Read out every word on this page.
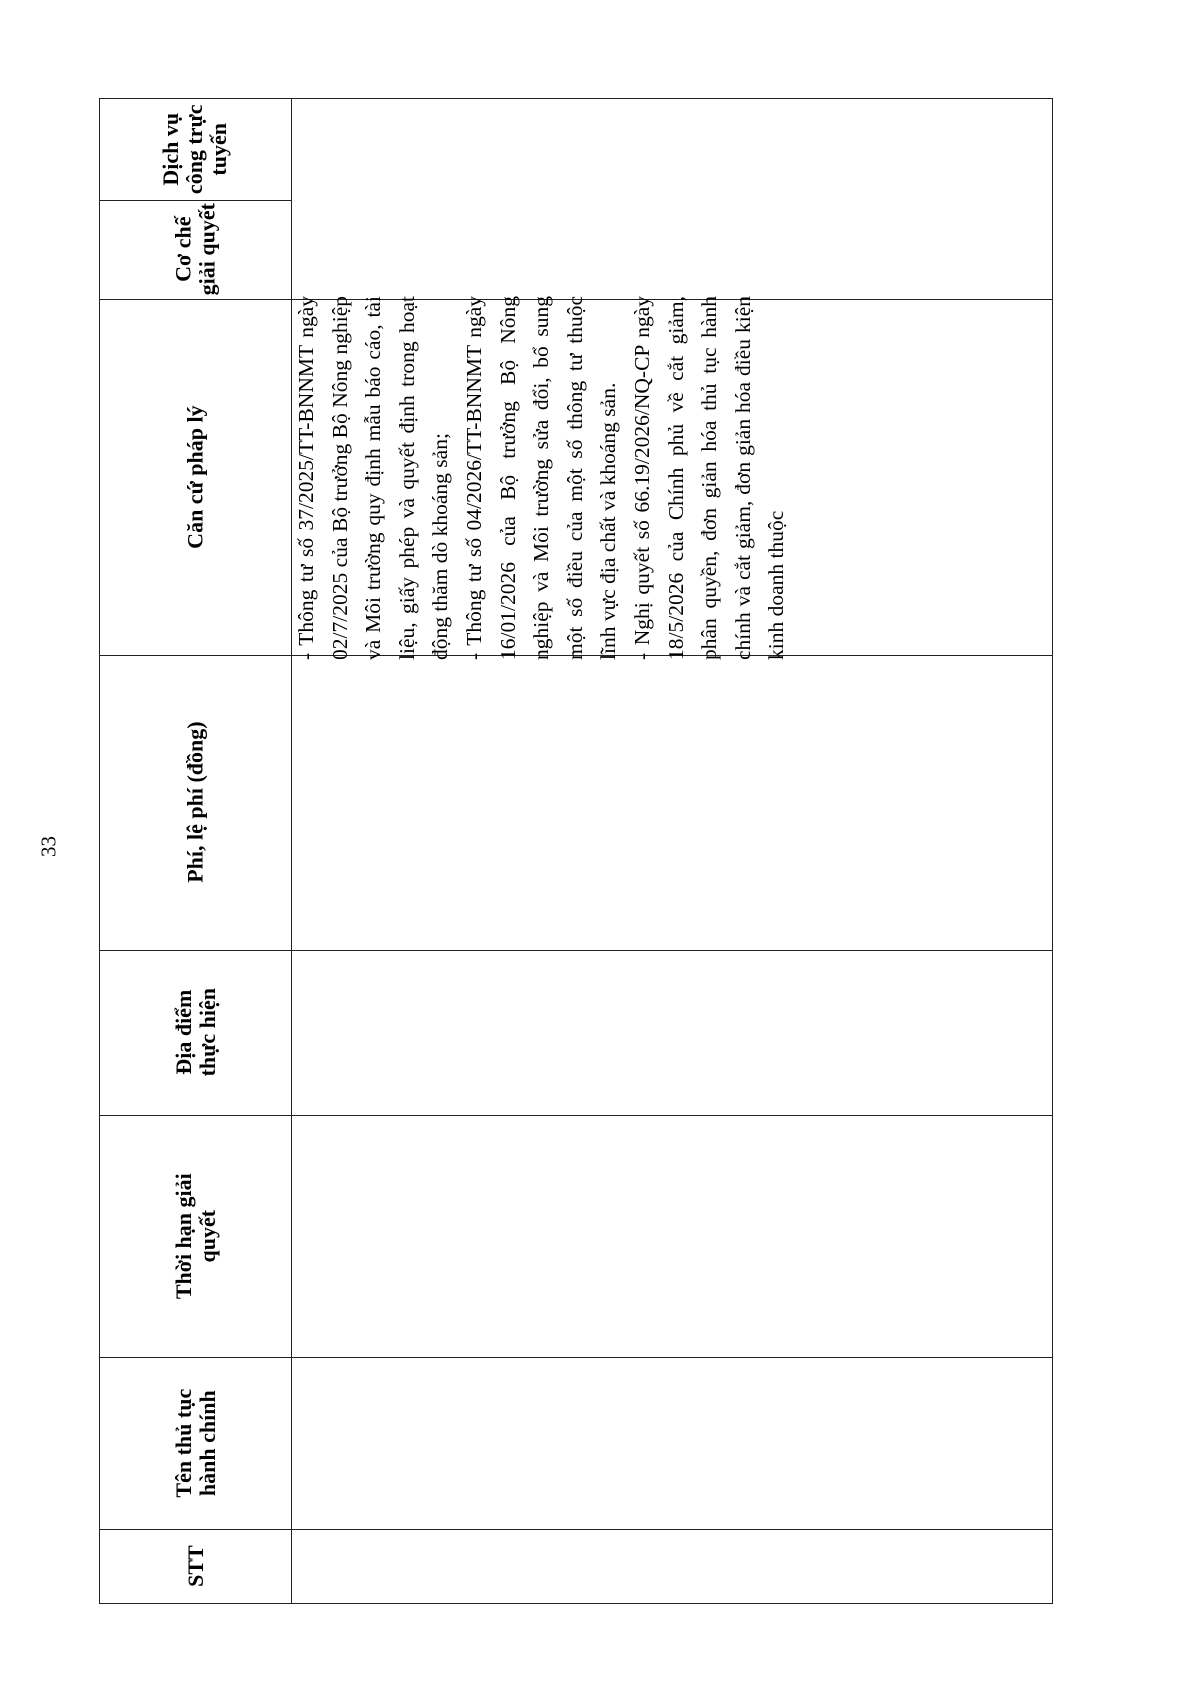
33
Dịch vụ công trực tuyến
Cơ chế giải quyết
Căn cứ pháp lý
Phí, lệ phí (đồng)
Địa điểm thực hiện
Thời hạn giải quyết
Tên thủ tục hành chính
STT

- Thông tư số 37/2025/TT-BNNMT ngày 02/7/2025 của Bộ trưởng Bộ Nông nghiệp và Môi trường quy định mẫu báo cáo, tài liệu, giấy phép và quyết định trong hoạt động thăm dò khoáng sản; - Thông tư số 04/2026/TT-BNNMT ngày 16/01/2026 của Bộ trưởng Bộ Nông nghiệp và Môi trường sửa đổi, bổ sung một số điều của một số thông tư thuộc lĩnh vực địa chất và khoáng sản. - Nghị quyết số 66.19/2026/NQ-CP ngày 18/5/2026 của Chính phủ về cắt giảm, phân quyền, đơn giản hóa thủ tục hành chính và cắt giảm, đơn giản hóa điều kiện kinh doanh thuộc
